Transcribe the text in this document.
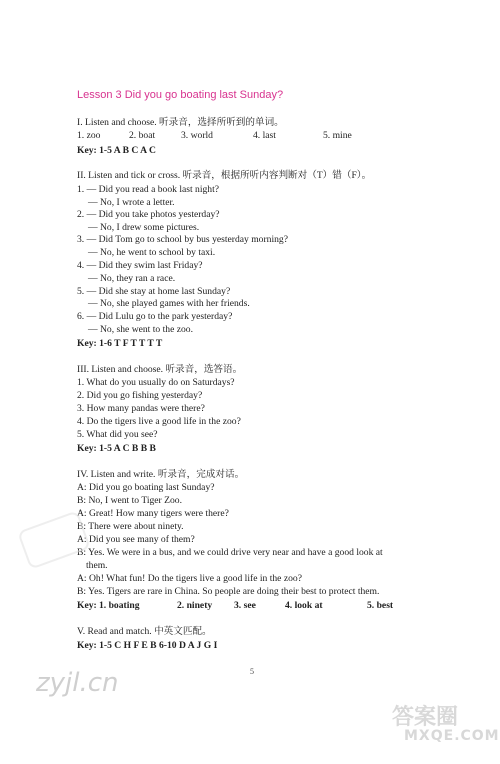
Lesson 3 Did you go boating last Sunday?
I. Listen and choose. 听录音，选择所听到的单词。
1. zoo	2. boat	3. world	4. last	5. mine
Key: 1-5 A B C A C
II. Listen and tick or cross. 听录音，根据所听内容判断对（T）错（F）。
1. — Did you read a book last night?
— No, I wrote a letter.
2. — Did you take photos yesterday?
— No, I drew some pictures.
3. — Did Tom go to school by bus yesterday morning?
— No, he went to school by taxi.
4. — Did they swim last Friday?
— No, they ran a race.
5. — Did she stay at home last Sunday?
— No, she played games with her friends.
6. — Did Lulu go to the park yesterday?
— No, she went to the zoo.
Key: 1-6 T F T T T T
III. Listen and choose. 听录音，选答语。
1. What do you usually do on Saturdays?
2. Did you go fishing yesterday?
3. How many pandas were there?
4. Do the tigers live a good life in the zoo?
5. What did you see?
Key: 1-5 A C B B B
IV. Listen and write. 听录音，完成对话。
A: Did you go boating last Sunday?
B: No, I went to Tiger Zoo.
A: Great! How many tigers were there?
B: There were about ninety.
A: Did you see many of them?
B: Yes. We were in a bus, and we could drive very near and have a good look at
them.
A: Oh! What fun! Do the tigers live a good life in the zoo?
B: Yes. Tigers are rare in China. So people are doing their best to protect them.
Key: 1. boating	2. ninety 3. see	4. look at	5. best
V. Read and match. 中英文匹配。
Key: 1-5 C H F E B 6-10 D A J G I
5
zyjl.cn
答案圈
MXQE.COM
